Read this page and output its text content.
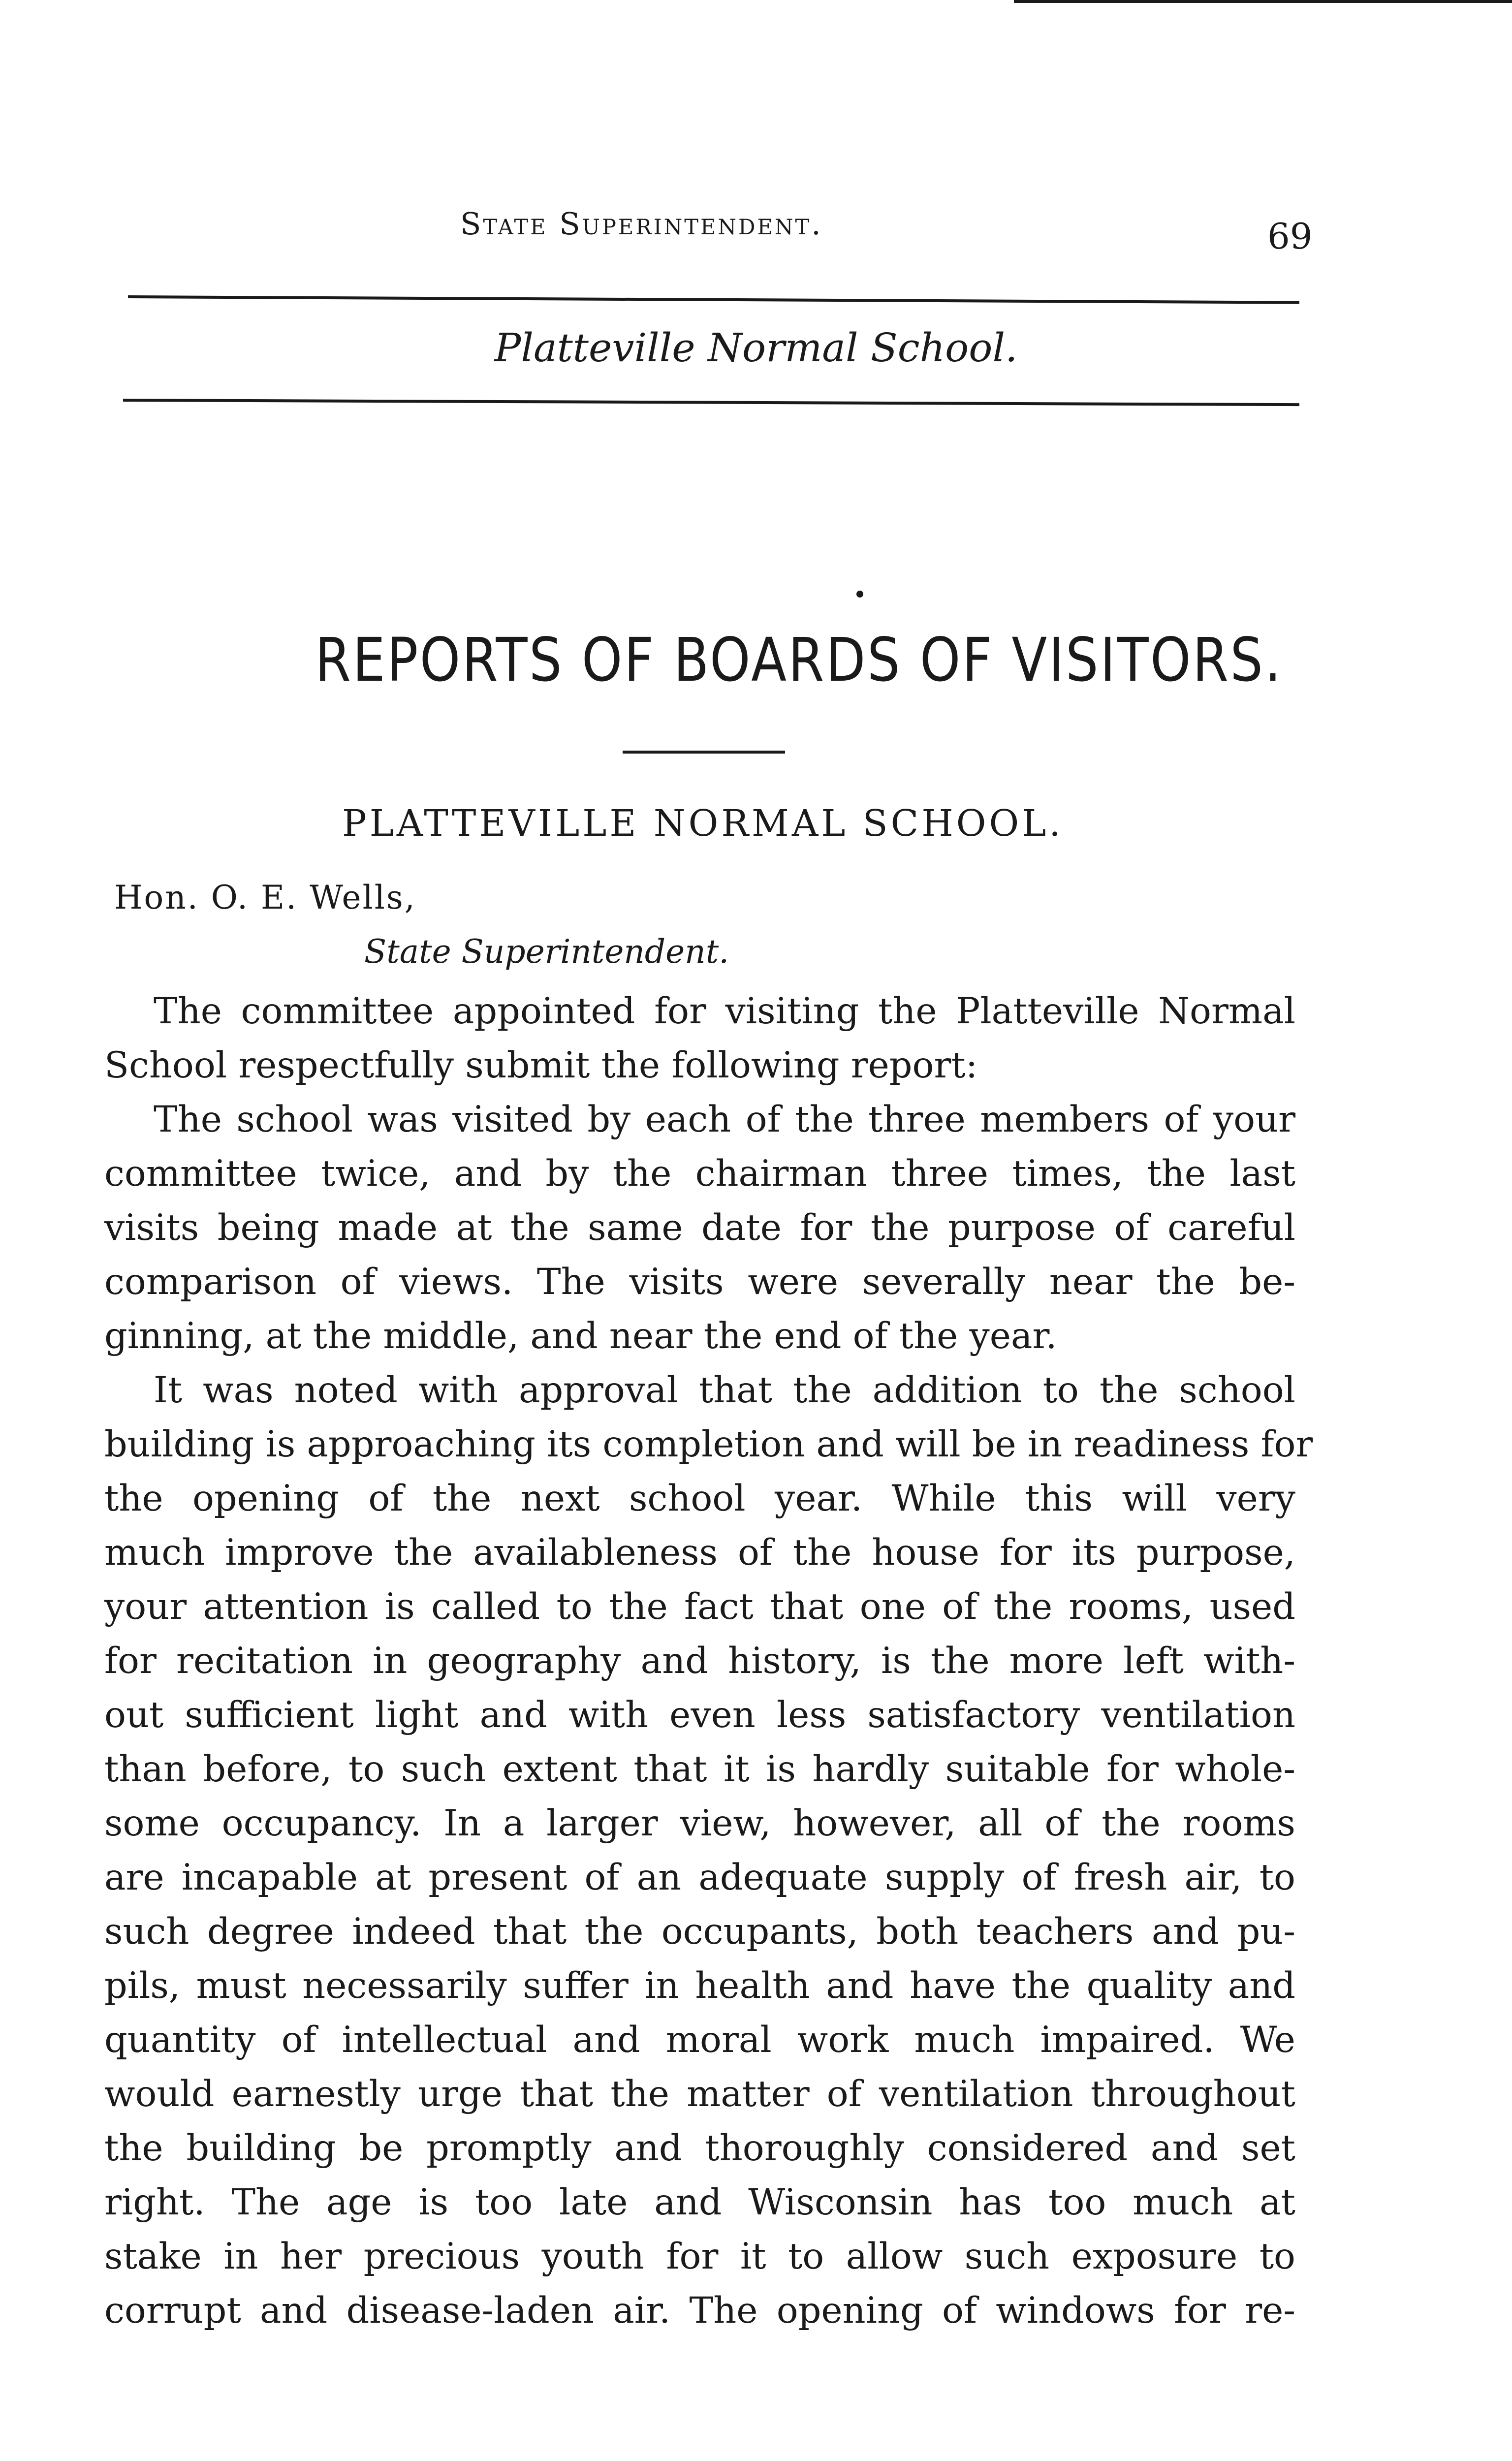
State Superintendent.	69
Platteville Normal School.
REPORTS OF BOARDS OF VISITORS.
PLATTEVILLE NORMAL SCHOOL.
Hon. O. E. Wells,
State Superintendent.
The committee appointed for visiting the Platteville Normal
School respectfully submit the following report:
The school was visited by each of the three members of your
committee twice, and by the chairman three times, the last
visits being made at the same date for the purpose of careful
comparison of views. The visits were severally near the be-
ginning, at the middle, and near the end of the year.
It was noted with approval that the addition to the school
building is approaching its completion and will be in readiness for
the opening of the next school year. While this will very
much improve the availableness of the house for its purpose,
your attention is called to the fact that one of the rooms, used
for recitation in geography and history, is the more left with-
out sufficient light and with even less satisfactory ventilation
than before, to such extent that it is hardly suitable for whole-
some occupancy. In a larger view, however, all of the rooms
are incapable at present of an adequate supply of fresh air, to
such degree indeed that the occupants, both teachers and pu-
pils, must necessarily suffer in health and have the quality and
quantity of intellectual and moral work much impaired. We
would earnestly urge that the matter of ventilation throughout
the building be promptly and thoroughly considered and set
right. The age is too late and Wisconsin has too much at
stake in her precious youth for it to allow such exposure to
corrupt and disease-laden air. The opening of windows for re-
